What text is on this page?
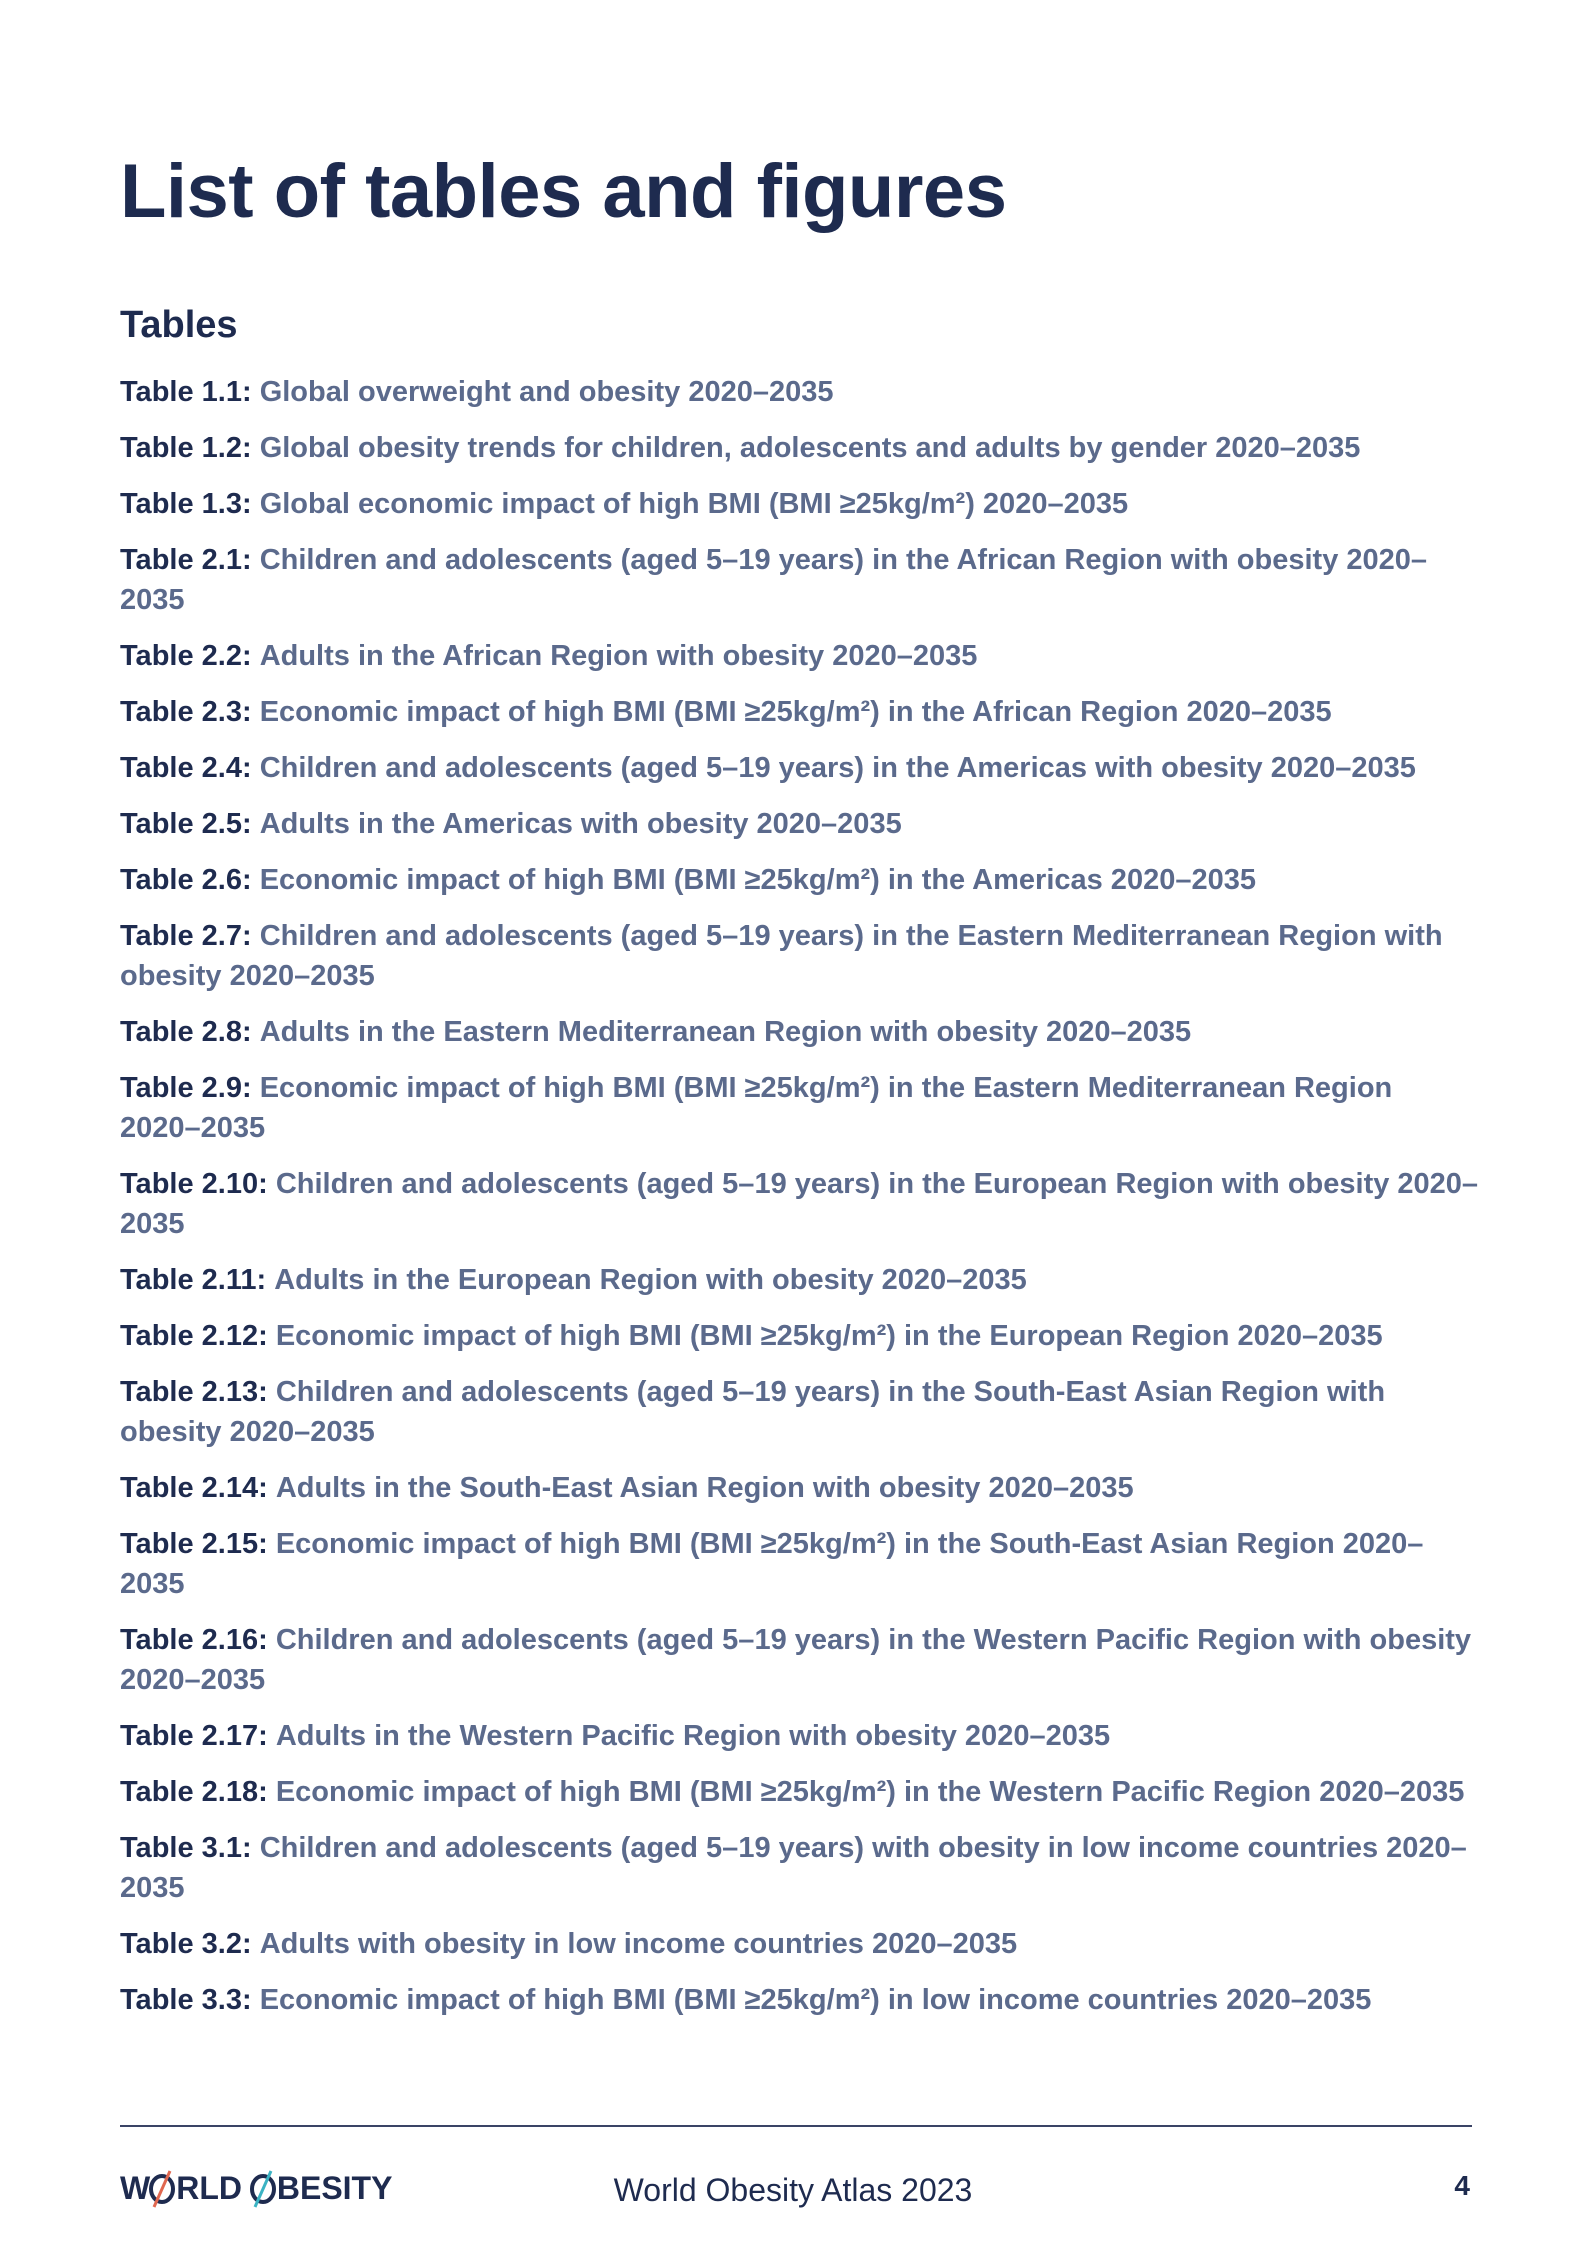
List of tables and figures
Tables
Table 1.1: Global overweight and obesity 2020–2035
Table 1.2: Global obesity trends for children, adolescents and adults by gender 2020–2035
Table 1.3: Global economic impact of high BMI (BMI ≥25kg/m²) 2020–2035
Table 2.1: Children and adolescents (aged 5–19 years) in the African Region with obesity 2020–2035
Table 2.2: Adults in the African Region with obesity 2020–2035
Table 2.3: Economic impact of high BMI (BMI ≥25kg/m²) in the African Region 2020–2035
Table 2.4: Children and adolescents (aged 5–19 years) in the Americas with obesity 2020–2035
Table 2.5: Adults in the Americas with obesity 2020–2035
Table 2.6: Economic impact of high BMI (BMI ≥25kg/m²) in the Americas 2020–2035
Table 2.7: Children and adolescents (aged 5–19 years) in the Eastern Mediterranean Region with obesity 2020–2035
Table 2.8: Adults in the Eastern Mediterranean Region with obesity 2020–2035
Table 2.9: Economic impact of high BMI (BMI ≥25kg/m²) in the Eastern Mediterranean Region 2020–2035
Table 2.10: Children and adolescents (aged 5–19 years) in the European Region with obesity 2020–2035
Table 2.11: Adults in the European Region with obesity 2020–2035
Table 2.12: Economic impact of high BMI (BMI ≥25kg/m²) in the European Region 2020–2035
Table 2.13: Children and adolescents (aged 5–19 years) in the South-East Asian Region with obesity 2020–2035
Table 2.14: Adults in the South-East Asian Region with obesity 2020–2035
Table 2.15: Economic impact of high BMI (BMI ≥25kg/m²) in the South-East Asian Region 2020–2035
Table 2.16: Children and adolescents (aged 5–19 years) in the Western Pacific Region with obesity 2020–2035
Table 2.17: Adults in the Western Pacific Region with obesity 2020–2035
Table 2.18: Economic impact of high BMI (BMI ≥25kg/m²) in the Western Pacific Region 2020–2035
Table 3.1: Children and adolescents (aged 5–19 years) with obesity in low income countries 2020–2035
Table 3.2: Adults with obesity in low income countries 2020–2035
Table 3.3: Economic impact of high BMI (BMI ≥25kg/m²) in low income countries 2020–2035
W RLD BESITY	World Obesity Atlas 2023	4
